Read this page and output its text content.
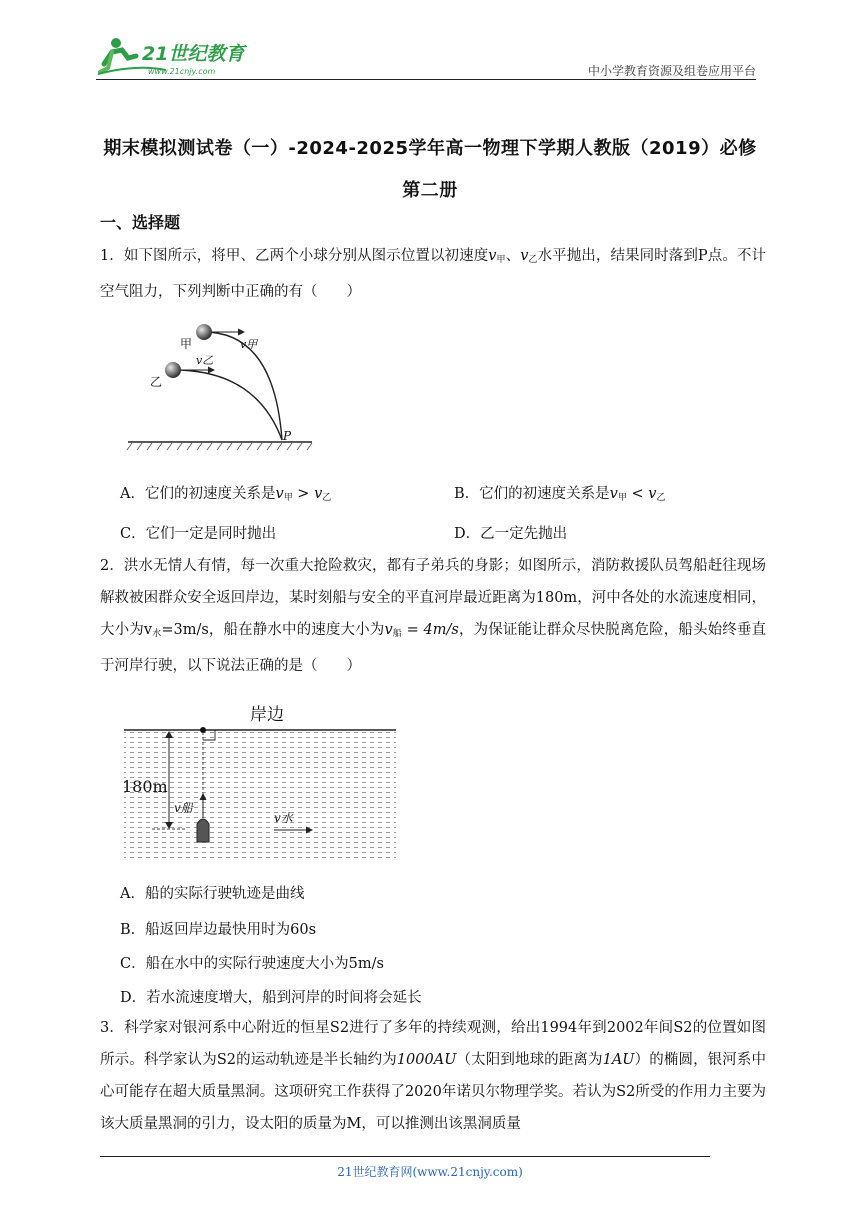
21世纪教育
www.21cnjy.com	中小学教育资源及组卷应用平台
期末模拟测试卷（一）-2024-2025学年高一物理下学期人教版（2019）必修第二册
一、选择题
1．如下图所示，将甲、乙两个小球分别从图示位置以初速度$v_甲$、$v_乙$水平抛出，结果同时落到P点。不计空气阻力，下列判断中正确的有（　　）
甲
乙
v甲
v乙
P
A．它们的初速度关系是$v_甲 > v_乙$	B．它们的初速度关系是$v_甲 < v_乙$
C．它们一定是同时抛出	D．乙一定先抛出
2．洪水无情人有情，每一次重大抢险救灾，都有子弟兵的身影；如图所示，消防救援队员驾船赶往现场解救被困群众安全返回岸边，某时刻船与安全的平直河岸最近距离为180m，河中各处的水流速度相同，大小为$v_水=3m/s$，船在静水中的速度大小为$v_船 = 4m/s$，为保证能让群众尽快脱离危险，船头始终垂直于河岸行驶，以下说法正确的是（　　）
岸边
180m
v船
v水
A．船的实际行驶轨迹是曲线
B．船返回岸边最快用时为60s
C．船在水中的实际行驶速度大小为5m/s
D．若水流速度增大，船到河岸的时间将会延长
3．科学家对银河系中心附近的恒星S2进行了多年的持续观测，给出1994年到2002年间S2的位置如图所示。科学家认为S2的运动轨迹是半长轴约为1000AU（太阳到地球的距离为1AU）的椭圆，银河系中心可能存在超大质量黑洞。这项研究工作获得了2020年诺贝尔物理学奖。若认为S2所受的作用力主要为该大质量黑洞的引力，设太阳的质量为M，可以推测出该黑洞质量
21世纪教育网(www.21cnjy.com)
